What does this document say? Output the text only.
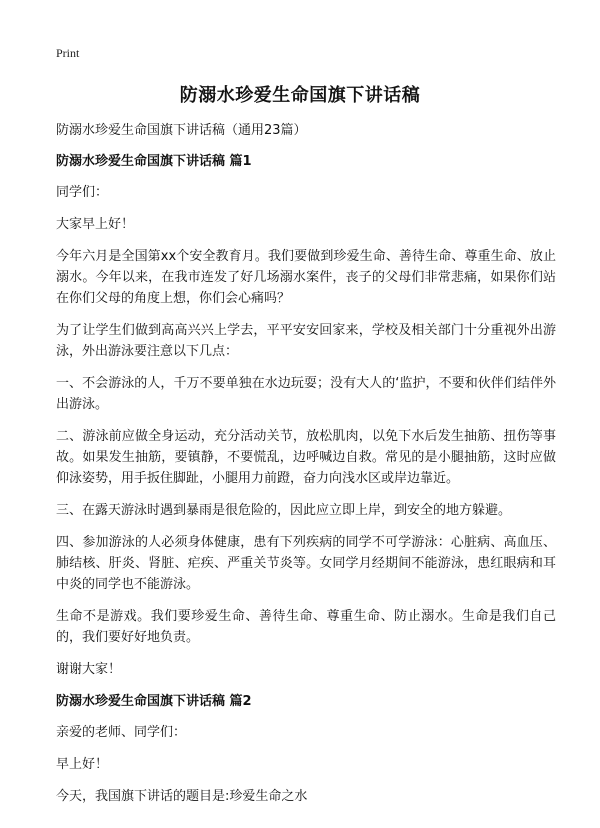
Print
防溺水珍爱生命国旗下讲话稿

防溺水珍爱生命国旗下讲话稿（通用23篇）

防溺水珍爱生命国旗下讲话稿 篇1

同学们：

大家早上好！

今年六月是全国第xx个安全教育月。我们要做到珍爱生命、善待生命、尊重生命、放止溺水。今年以来，在我市连发了好几场溺水案件，丧子的父母们非常悲痛，如果你们站在你们父母的角度上想，你们会心痛吗？

为了让学生们做到高高兴兴上学去，平平安安回家来，学校及相关部门十分重视外出游泳，外出游泳要注意以下几点：

一、不会游泳的人，千万不要单独在水边玩耍；没有大人的‘监护，不要和伙伴们结伴外出游泳。

二、游泳前应做全身运动，充分活动关节，放松肌肉，以免下水后发生抽筋、扭伤等事故。如果发生抽筋，要镇静，不要慌乱，边呼喊边自救。常见的是小腿抽筋，这时应做仰泳姿势，用手扳住脚趾，小腿用力前蹬，奋力向浅水区或岸边靠近。

三、在露天游泳时遇到暴雨是很危险的，因此应立即上岸，到安全的地方躲避。

四、参加游泳的人必须身体健康，患有下列疾病的同学不可学游泳：心脏病、高血压、肺结核、肝炎、肾脏、疟疾、严重关节炎等。女同学月经期间不能游泳，患红眼病和耳中炎的同学也不能游泳。

生命不是游戏。我们要珍爱生命、善待生命、尊重生命、防止溺水。生命是我们自己的，我们要好好地负责。

谢谢大家！

防溺水珍爱生命国旗下讲话稿 篇2

亲爱的老师、同学们：

早上好！

今天，我国旗下讲话的题目是:珍爱生命之水
